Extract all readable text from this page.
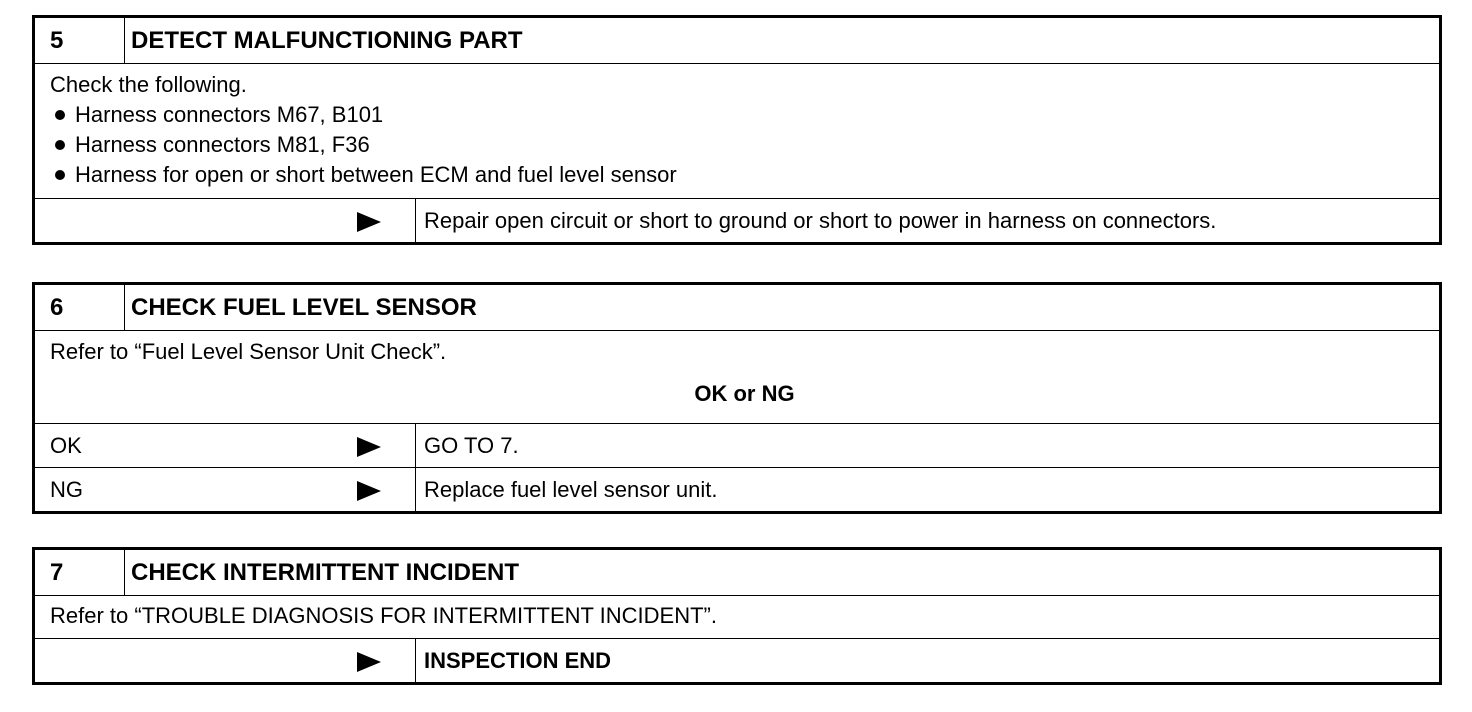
5	DETECT MALFUNCTIONING PART
Check the following.
Harness connectors M67, B101
Harness connectors M81, F36
Harness for open or short between ECM and fuel level sensor
Repair open circuit or short to ground or short to power in harness on connectors.
6	CHECK FUEL LEVEL SENSOR
Refer to “Fuel Level Sensor Unit Check”.
OK or NG
OK	GO TO 7.
NG	Replace fuel level sensor unit.
7	CHECK INTERMITTENT INCIDENT
Refer to “TROUBLE DIAGNOSIS FOR INTERMITTENT INCIDENT”.
INSPECTION END
